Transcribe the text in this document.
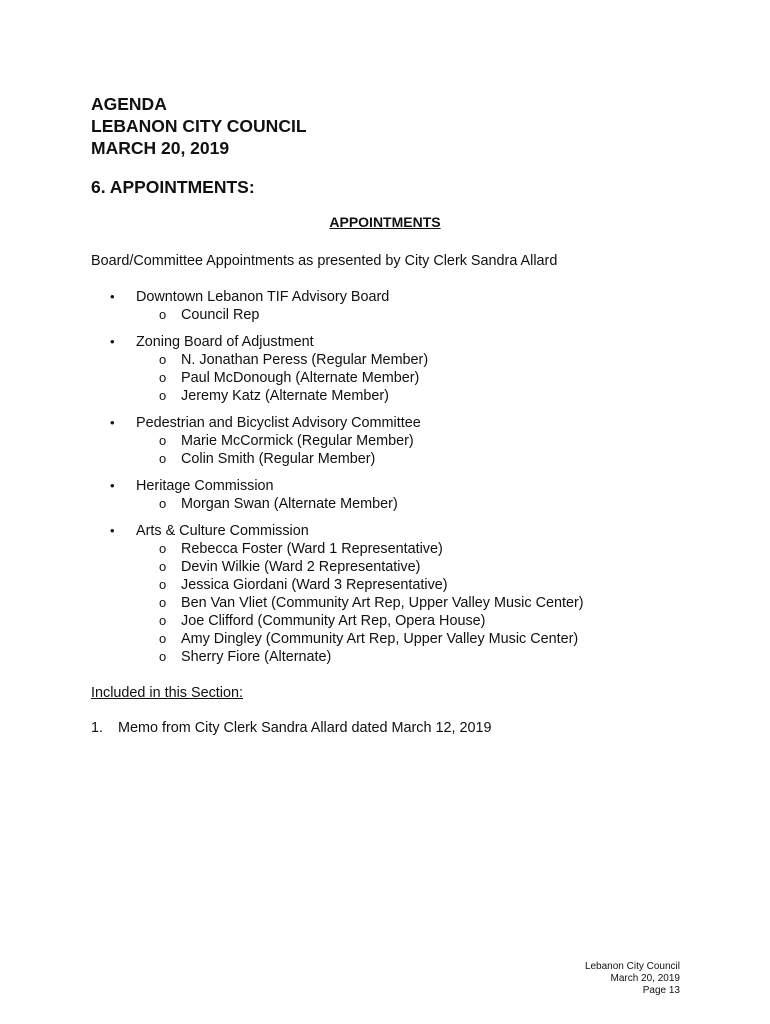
AGENDA
LEBANON CITY COUNCIL
MARCH 20, 2019
6. APPOINTMENTS:
APPOINTMENTS
Board/Committee Appointments as presented by City Clerk Sandra Allard
•	Downtown Lebanon TIF Advisory Board
o Council Rep
•	Zoning Board of Adjustment
o N. Jonathan Peress (Regular Member)
o Paul McDonough (Alternate Member)
o Jeremy Katz (Alternate Member)
•	Pedestrian and Bicyclist Advisory Committee
o Marie McCormick (Regular Member)
o Colin Smith (Regular Member)
•	Heritage Commission
o Morgan Swan (Alternate Member)
•	Arts & Culture Commission
o Rebecca Foster (Ward 1 Representative)
o Devin Wilkie (Ward 2 Representative)
o Jessica Giordani (Ward 3 Representative)
o Ben Van Vliet (Community Art Rep, Upper Valley Music Center)
o Joe Clifford (Community Art Rep, Opera House)
o Amy Dingley (Community Art Rep, Upper Valley Music Center)
o Sherry Fiore (Alternate)
Included in this Section:
1. Memo from City Clerk Sandra Allard dated March 12, 2019
Lebanon City Council
March 20, 2019
Page 13
